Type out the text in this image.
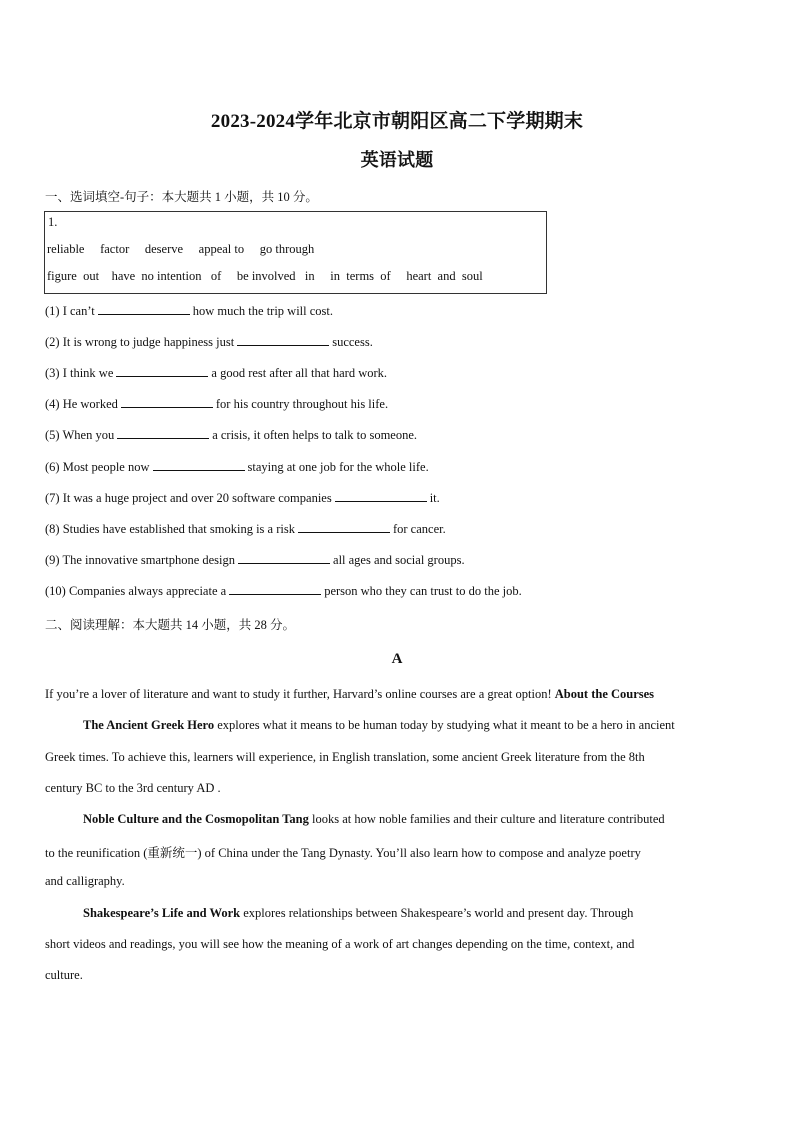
2023-2024学年北京市朝阳区高二下学期期末
英语试题
一、选词填空-句子：本大题共 1 小题，共 10 分。
1.
reliable     factor     deserve     appeal to     go through
figure  out    have  no intention   of     be involved   in     in  terms  of     heart  and  soul
(1) I can’t	how much the trip will cost.
(2) It is wrong to judge happiness just	success.
(3) I think we	a good rest after all that hard work.
(4) He worked	for his country throughout his life.
(5) When you	a crisis, it often helps to talk to someone.
(6) Most people now	staying at one job for the whole life.
(7) It was a huge project and over 20 software companies	it.
(8) Studies have established that smoking is a risk	for cancer.
(9) The innovative smartphone design	all ages and social groups.
(10) Companies always appreciate a	person who they can trust to do the job.
二、阅读理解：本大题共 14 小题，共 28 分。
A
If you’re a lover of literature and want to study it further, Harvard’s online courses are a great option! About the Courses
The Ancient Greek Hero explores what it means to be human today by studying what it meant to be a hero in ancient
Greek times. To achieve this, learners will experience, in English translation, some ancient Greek literature from the 8th
century BC to the 3rd century AD .
Noble Culture and the Cosmopolitan Tang looks at how noble families and their culture and literature contributed
to the reunification (重新统一) of China under the Tang Dynasty. You’ll also learn how to compose and analyze poetry
and calligraphy.
Shakespeare’s Life and Work explores relationships between Shakespeare’s world and present day. Through
short videos and readings, you will see how the meaning of a work of art changes depending on the time, context, and
culture.
